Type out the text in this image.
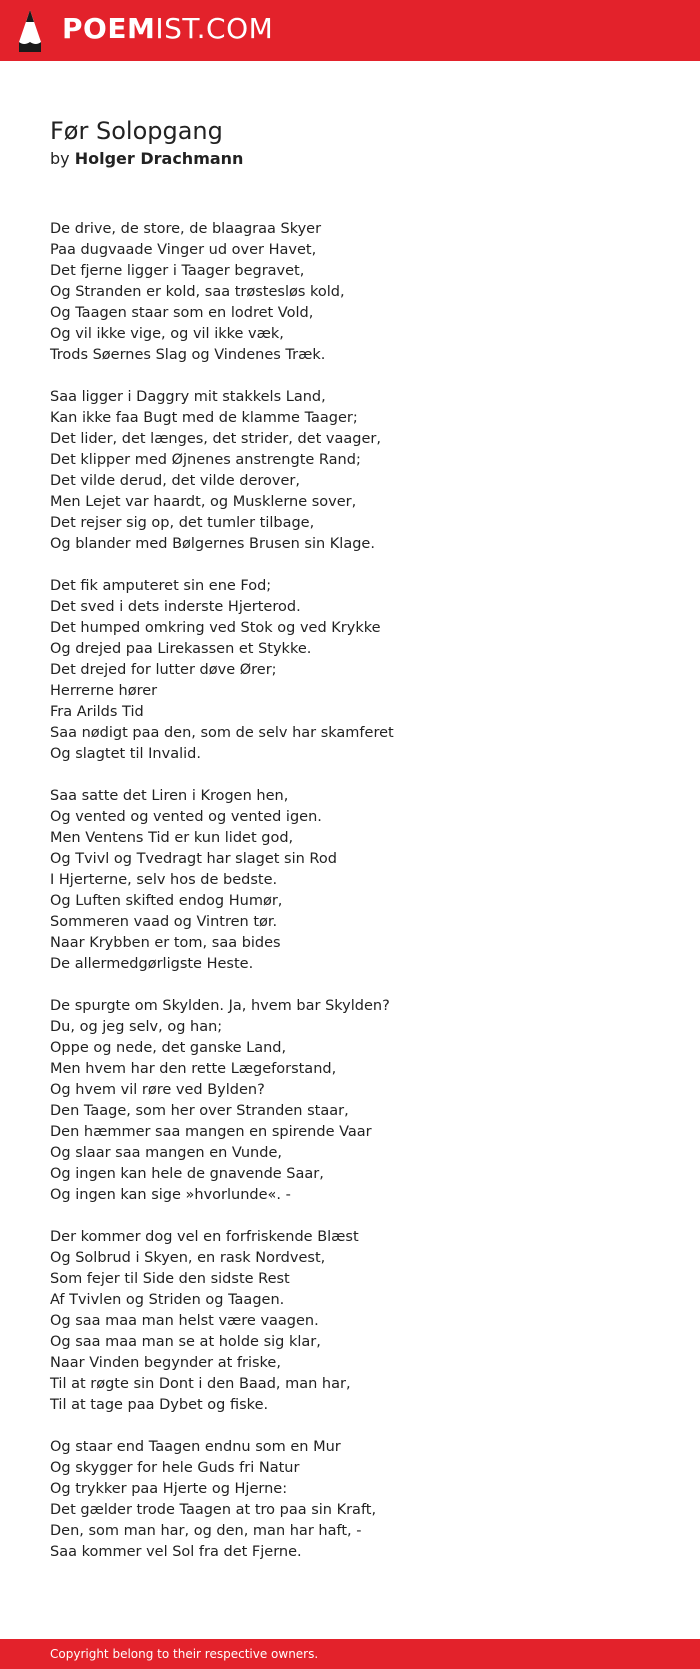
POEMIST.COM
Før Solopgang
by Holger Drachmann
De drive, de store, de blaagraa Skyer
Paa dugvaade Vinger ud over Havet,
Det fjerne ligger i Taager begravet,
Og Stranden er kold, saa trøstesløs kold,
Og Taagen staar som en lodret Vold,
Og vil ikke vige, og vil ikke væk,
Trods Søernes Slag og Vindenes Træk.
Saa ligger i Daggry mit stakkels Land,
Kan ikke faa Bugt med de klamme Taager;
Det lider, det længes, det strider, det vaager,
Det klipper med Øjnenes anstrengte Rand;
Det vilde derud, det vilde derover,
Men Lejet var haardt, og Musklerne sover,
Det rejser sig op, det tumler tilbage,
Og blander med Bølgernes Brusen sin Klage.
Det fik amputeret sin ene Fod;
Det sved i dets inderste Hjerterod.
Det humped omkring ved Stok og ved Krykke
Og drejed paa Lirekassen et Stykke.
Det drejed for lutter døve Ører;
Herrerne hører
Fra Arilds Tid
Saa nødigt paa den, som de selv har skamferet
Og slagtet til Invalid.
Saa satte det Liren i Krogen hen,
Og vented og vented og vented igen.
Men Ventens Tid er kun lidet god,
Og Tvivl og Tvedragt har slaget sin Rod
I Hjerterne, selv hos de bedste.
Og Luften skifted endog Humør,
Sommeren vaad og Vintren tør.
Naar Krybben er tom, saa bides
De allermedgørligste Heste.
De spurgte om Skylden. Ja, hvem bar Skylden?
Du, og jeg selv, og han;
Oppe og nede, det ganske Land,
Men hvem har den rette Lægeforstand,
Og hvem vil røre ved Bylden?
Den Taage, som her over Stranden staar,
Den hæmmer saa mangen en spirende Vaar
Og slaar saa mangen en Vunde,
Og ingen kan hele de gnavende Saar,
Og ingen kan sige »hvorlunde«. -
Der kommer dog vel en forfriskende Blæst
Og Solbrud i Skyen, en rask Nordvest,
Som fejer til Side den sidste Rest
Af Tvivlen og Striden og Taagen.
Og saa maa man helst være vaagen.
Og saa maa man se at holde sig klar,
Naar Vinden begynder at friske,
Til at røgte sin Dont i den Baad, man har,
Til at tage paa Dybet og fiske.
Og staar end Taagen endnu som en Mur
Og skygger for hele Guds fri Natur
Og trykker paa Hjerte og Hjerne:
Det gælder trode Taagen at tro paa sin Kraft,
Den, som man har, og den, man har haft, -
Saa kommer vel Sol fra det Fjerne.
Copyright belong to their respective owners.
